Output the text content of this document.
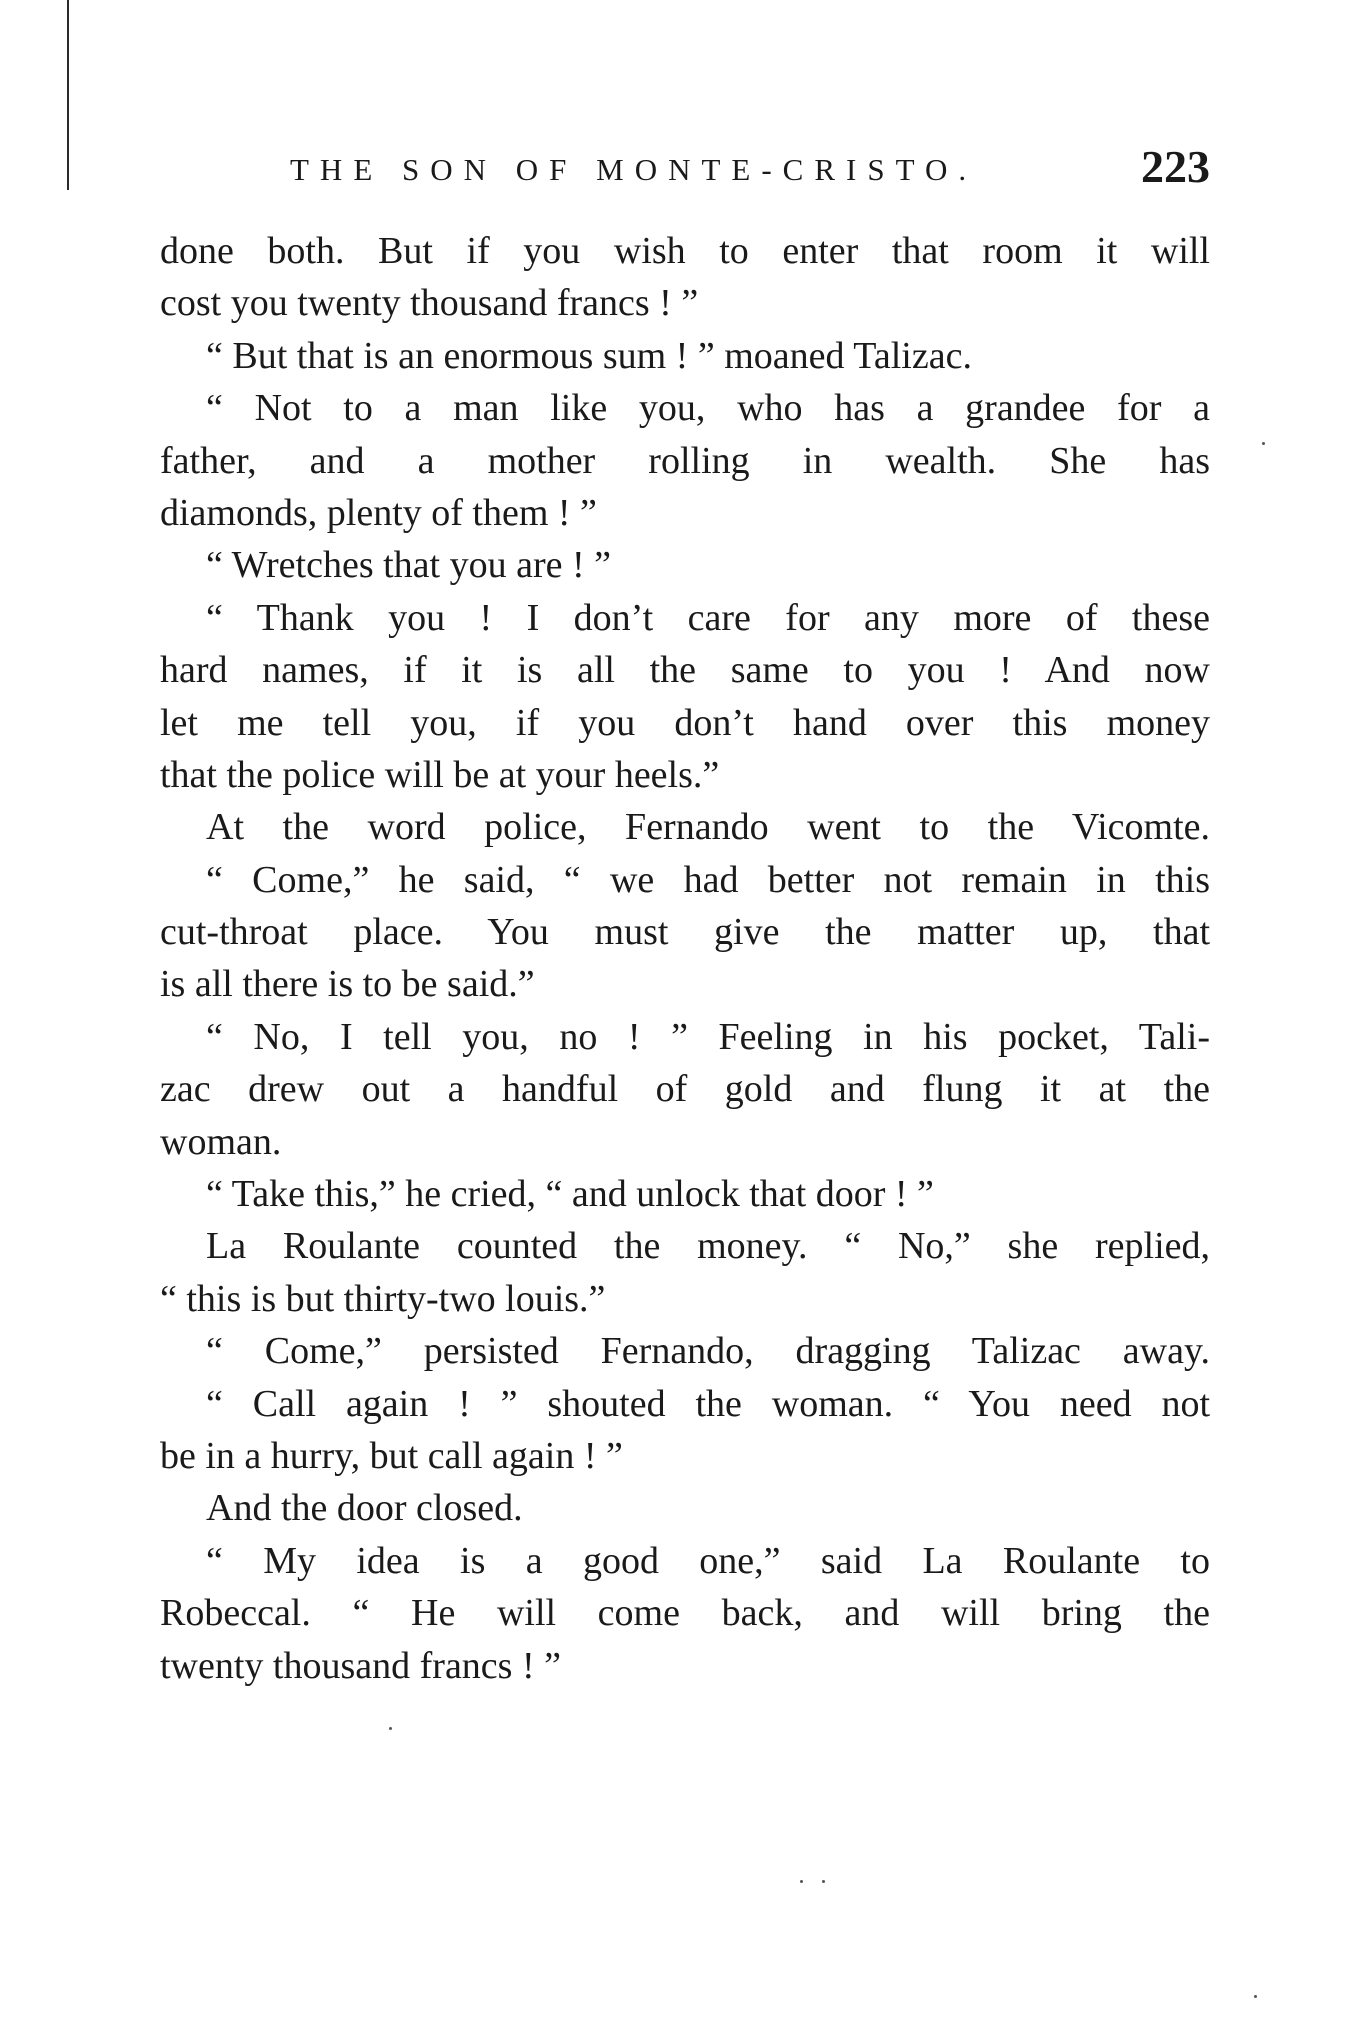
THE SON OF MONTE-CRISTO.	223
done both. But if you wish to enter that room it will
cost you twenty thousand francs ! ”
“ But that is an enormous sum ! ” moaned Talizac.
“ Not to a man like you, who has a grandee for a
father, and a mother rolling in wealth. She has
diamonds, plenty of them ! ”
“ Wretches that you are ! ”
“ Thank you ! I don’t care for any more of these
hard names, if it is all the same to you ! And now
let me tell you, if you don’t hand over this money
that the police will be at your heels.”
At the word police, Fernando went to the Vicomte.
“ Come,” he said, “ we had better not remain in this
cut-throat place. You must give the matter up, that
is all there is to be said.”
“ No, I tell you, no ! ” Feeling in his pocket, Tali-
zac drew out a handful of gold and flung it at the
woman.
“ Take this,” he cried, “ and unlock that door ! ”
La Roulante counted the money. “ No,” she replied,
“ this is but thirty-two louis.”
“ Come,” persisted Fernando, dragging Talizac away.
“ Call again ! ” shouted the woman. “ You need not
be in a hurry, but call again ! ”
And the door closed.
“ My idea is a good one,” said La Roulante to
Robeccal. “ He will come back, and will bring the
twenty thousand francs ! ”
